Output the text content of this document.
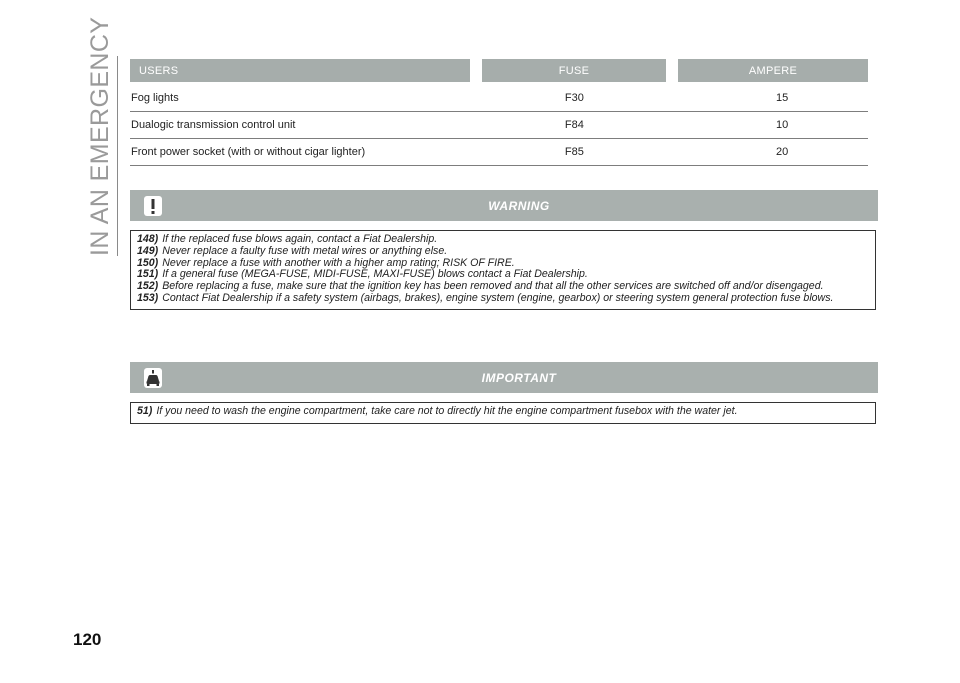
IN AN EMERGENCY	USERS	FUSE	AMPERE
Fog lights	F30	15
Dualogic transmission control unit	F84	10
Front power socket (with or without cigar lighter)	F85	20
WARNING

148) If the replaced fuse blows again, contact a Fiat Dealership.

149) Never replace a faulty fuse with metal wires or anything else.

150) Never replace a fuse with another with a higher amp rating; RISK OF FIRE.

151) If a general fuse (MEGA-FUSE, MIDI-FUSE, MAXI-FUSE) blows contact a Fiat Dealership.

152) Before replacing a fuse, make sure that the ignition key has been removed and that all the other services are switched off and/or disengaged.

153) Contact Fiat Dealership if a safety system (airbags, brakes), engine system (engine, gearbox) or steering system general protection fuse blows.

IMPORTANT

51) If you need to wash the engine compartment, take care not to directly hit the engine compartment fusebox with the water jet.

120
